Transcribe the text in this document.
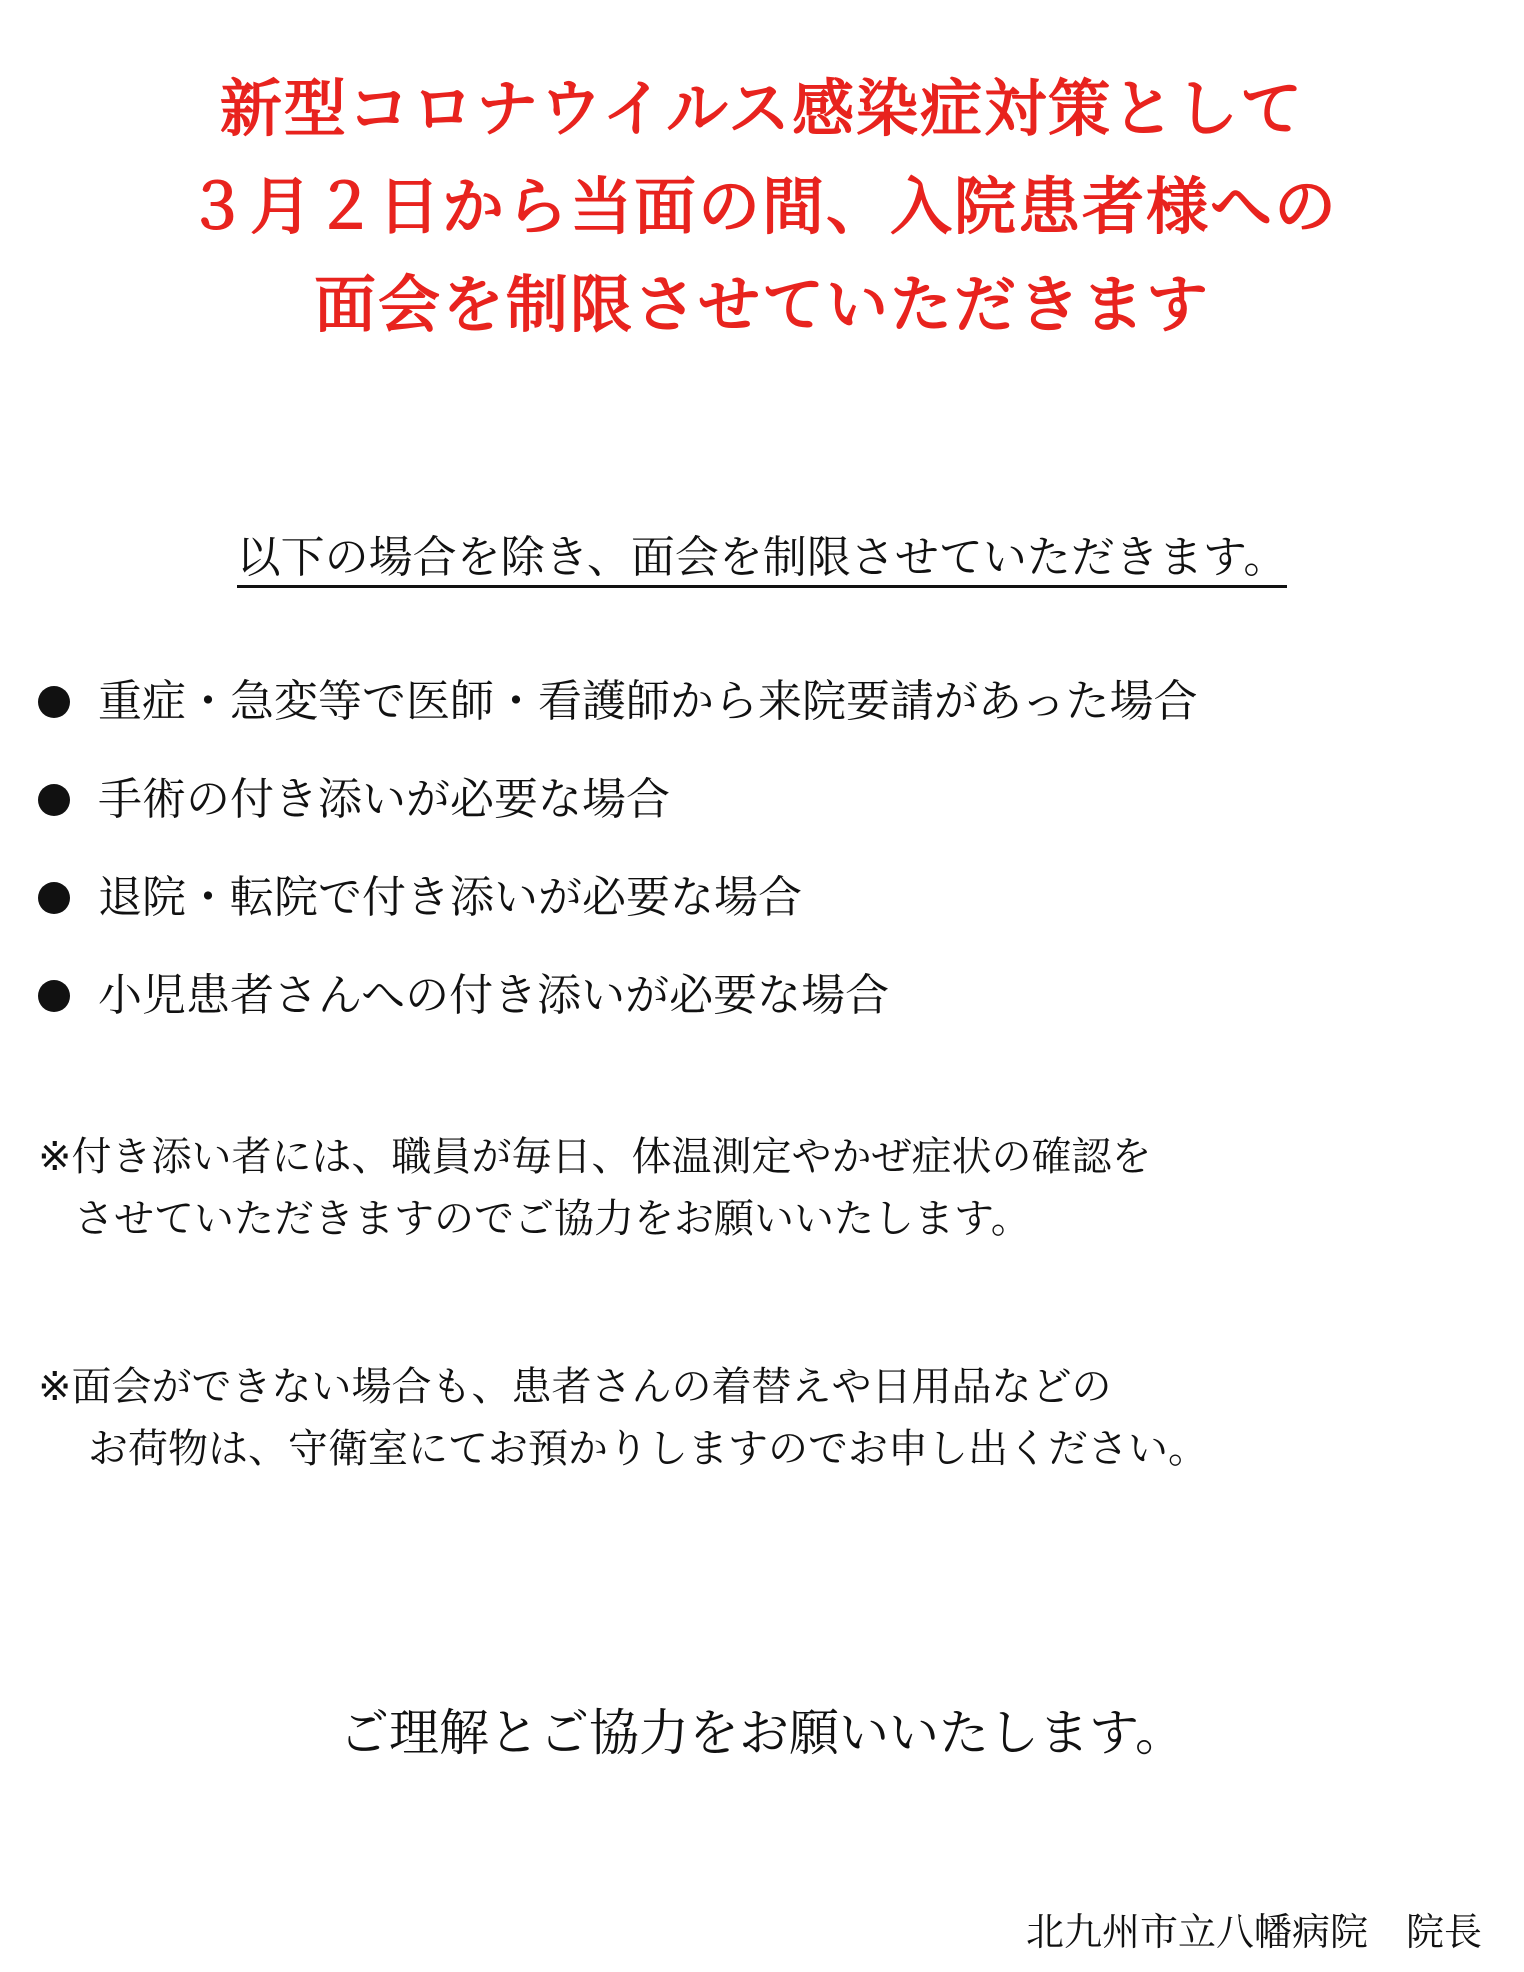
新型コロナウイルス感染症対策として
３月２日から当面の間、入院患者様への
面会を制限させていただきます
以下の場合を除き、面会を制限させていただきます。
重症・急変等で医師・看護師から来院要請があった場合
手術の付き添いが必要な場合
退院・転院で付き添いが必要な場合
小児患者さんへの付き添いが必要な場合
※付き添い者には、職員が毎日、体温測定やかぜ症状の確認を
させていただきますのでご協力をお願いいたします。
※面会ができない場合も、患者さんの着替えや日用品などの
お荷物は、守衛室にてお預かりしますのでお申し出ください。
ご理解とご協力をお願いいたします。
北九州市立八幡病院　院長
